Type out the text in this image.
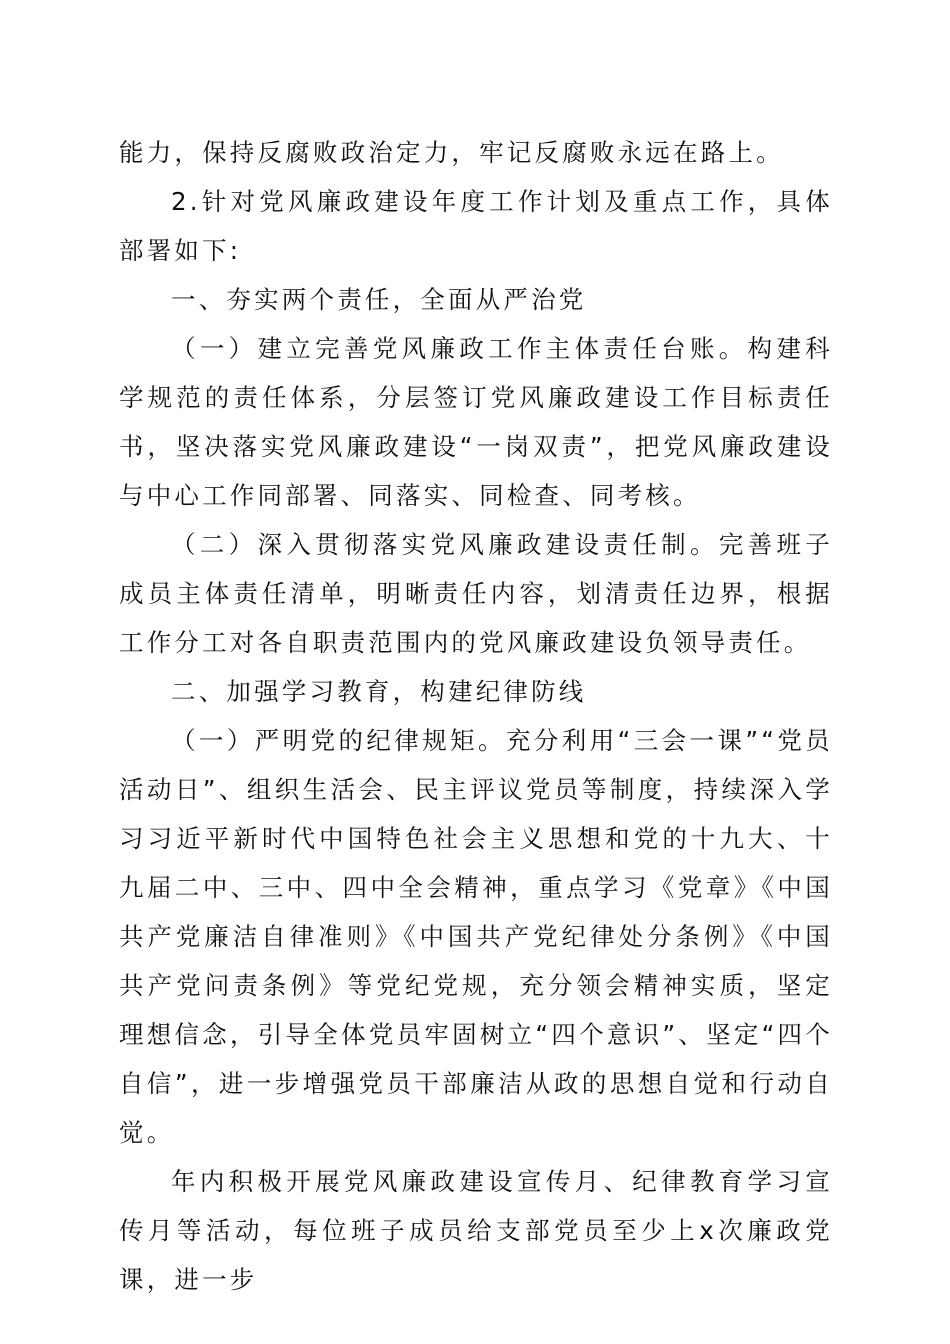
能力，保持反腐败政治定力，牢记反腐败永远在路上。

2.针对党风廉政建设年度工作计划及重点工作，具体部署如下:

一、夯实两个责任，全面从严治党

（一）建立完善党风廉政工作主体责任台账。构建科学规范的责任体系，分层签订党风廉政建设工作目标责任书，坚决落实党风廉政建设“一岗双责”，把党风廉政建设与中心工作同部署、同落实、同检查、同考核。

（二）深入贯彻落实党风廉政建设责任制。完善班子成员主体责任清单，明晰责任内容，划清责任边界，根据工作分工对各自职责范围内的党风廉政建设负领导责任。

二、加强学习教育，构建纪律防线

（一）严明党的纪律规矩。充分利用“三会一课”“党员活动日”、组织生活会、民主评议党员等制度，持续深入学习习近平新时代中国特色社会主义思想和党的十九大、十九届二中、三中、四中全会精神，重点学习《党章》《中国共产党廉洁自律准则》《中国共产党纪律处分条例》《中国共产党问责条例》等党纪党规，充分领会精神实质，坚定理想信念，引导全体党员牢固树立“四个意识”、坚定“四个自信”，进一步增强党员干部廉洁从政的思想自觉和行动自觉。

年内积极开展党风廉政建设宣传月、纪律教育学习宣传月等活动，每位班子成员给支部党员至少上x次廉政党课，进一步
